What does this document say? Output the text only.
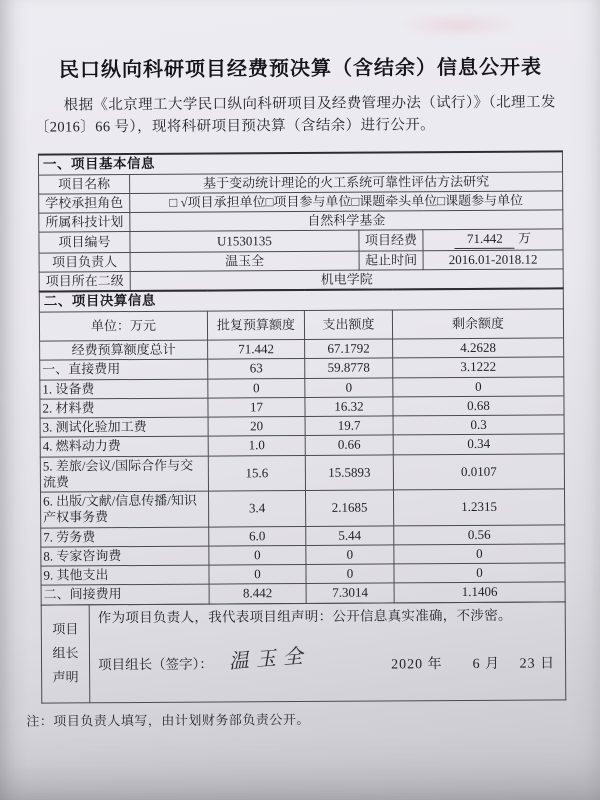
民口纵向科研项目经费预决算（含结余）信息公开表

根据《北京理工大学民口纵向科研项目及经费管理办法（试行）》（北理工发〔2016〕66 号），现将科研项目预决算（含结余）进行公开。

一、项目基本信息			
项目名称	基于变动统计理论的火工系统可靠性评估方法研究		
学校承担角色	□ √项目承担单位□项目参与单位□课题牵头单位□课题参与单位		
所属科技计划	自然科学基金		
项目编号	U1530135	项目经费	71.442 万
项目负责人	温玉全	起止时间	2016.01-2018.12
项目所在二级	机电学院		
二、项目决算信息			
单位：万元	批复预算额度	支出额度	剩余额度
经费预算额度总计	71.442	67.1792	4.2628
一、直接费用	63	59.8778	3.1222
1. 设备费	0	0	0
2. 材料费	17	16.32	0.68
3. 测试化验加工费	20	19.7	0.3
4. 燃料动力费	1.0	0.66	0.34
5. 差旅/会议/国际合作与交流费	15.6	15.5893	0.0107
6. 出版/文献/信息传播/知识产权事务费	3.4	2.1685	1.2315
7. 劳务费	6.0	5.44	0.56
8. 专家咨询费	0	0	0
9. 其他支出	0	0	0
二、间接费用	8.442	7.3014	1.1406
项目
组长
声明	
作为项目负责人，我代表项目组声明：公开信息真实准确，不涉密。
项目组长（签字）： 温玉全	2020 年　　6 月　 23 日

注：项目负责人填写，由计划财务部负责公开。
